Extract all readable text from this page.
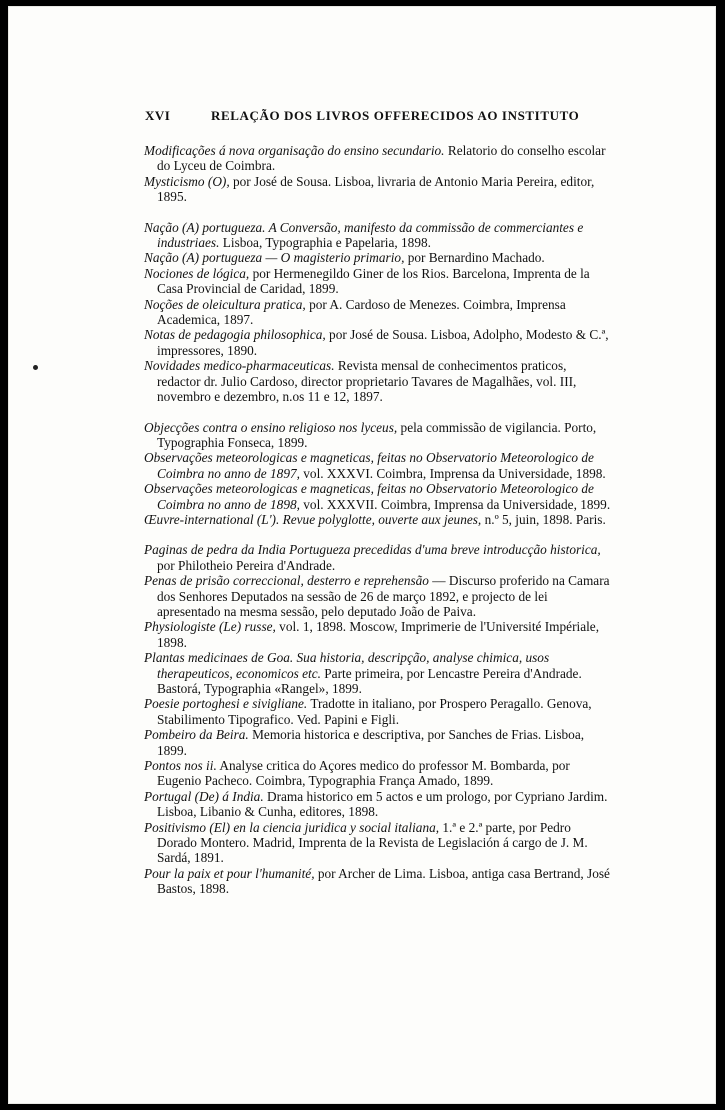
XVI	RELAÇÃO DOS LIVROS OFFERECIDOS AO INSTITUTO

Modificações á nova organisação do ensino secundario. Relatorio do conselho escolar do Lyceu de Coimbra.

Mysticismo (O), por José de Sousa. Lisboa, livraria de Antonio Maria Pereira, editor, 1895.

Nação (A) portugueza. A Conversão, manifesto da commissão de commerciantes e industriaes. Lisboa, Typographia e Papelaria, 1898.

Nação (A) portugueza — O magisterio primario, por Bernardino Machado.

Nociones de lógica, por Hermenegildo Giner de los Rios. Barcelona, Imprenta de la Casa Provincial de Caridad, 1899.

Noções de oleicultura pratica, por A. Cardoso de Menezes. Coimbra, Imprensa Academica, 1897.

Notas de pedagogia philosophica, por José de Sousa. Lisboa, Adolpho, Modesto & C.ª, impressores, 1890.

Novidades medico-pharmaceuticas. Revista mensal de conhecimentos praticos, redactor dr. Julio Cardoso, director proprietario Tavares de Magalhães, vol. III, novembro e dezembro, n.os 11 e 12, 1897.

Objecções contra o ensino religioso nos lyceus, pela commissão de vigilancia. Porto, Typographia Fonseca, 1899.

Observações meteorologicas e magneticas, feitas no Observatorio Meteorologico de Coimbra no anno de 1897, vol. XXXVI. Coimbra, Imprensa da Universidade, 1898.

Observações meteorologicas e magneticas, feitas no Observatorio Meteorologico de Coimbra no anno de 1898, vol. XXXVII. Coimbra, Imprensa da Universidade, 1899.

Œuvre-international (L'). Revue polyglotte, ouverte aux jeunes, n.º 5, juin, 1898. Paris.

Paginas de pedra da India Portugueza precedidas d'uma breve introducção historica, por Philotheio Pereira d'Andrade.

Penas de prisão correccional, desterro e reprehensão — Discurso proferido na Camara dos Senhores Deputados na sessão de 26 de março 1892, e projecto de lei apresentado na mesma sessão, pelo deputado João de Paiva.

Physiologiste (Le) russe, vol. 1, 1898. Moscow, Imprimerie de l'Université Impériale, 1898.

Plantas medicinaes de Goa. Sua historia, descripção, analyse chimica, usos therapeuticos, economicos etc. Parte primeira, por Lencastre Pereira d'Andrade. Bastorá, Typographia «Rangel», 1899.

Poesie portoghesi e sivigliane. Tradotte in italiano, por Prospero Peragallo. Genova, Stabilimento Tipografico. Ved. Papini e Figli.

Pombeiro da Beira. Memoria historica e descriptiva, por Sanches de Frias. Lisboa, 1899.

Pontos nos ii. Analyse critica do Açores medico do professor M. Bombarda, por Eugenio Pacheco. Coimbra, Typographia França Amado, 1899.

Portugal (De) á India. Drama historico em 5 actos e um prologo, por Cypriano Jardim. Lisboa, Libanio & Cunha, editores, 1898.

Positivismo (El) en la ciencia juridica y social italiana, 1.ª e 2.ª parte, por Pedro Dorado Montero. Madrid, Imprenta de la Revista de Legislación á cargo de J. M. Sardá, 1891.

Pour la paix et pour l'humanité, por Archer de Lima. Lisboa, antiga casa Bertrand, José Bastos, 1898.
